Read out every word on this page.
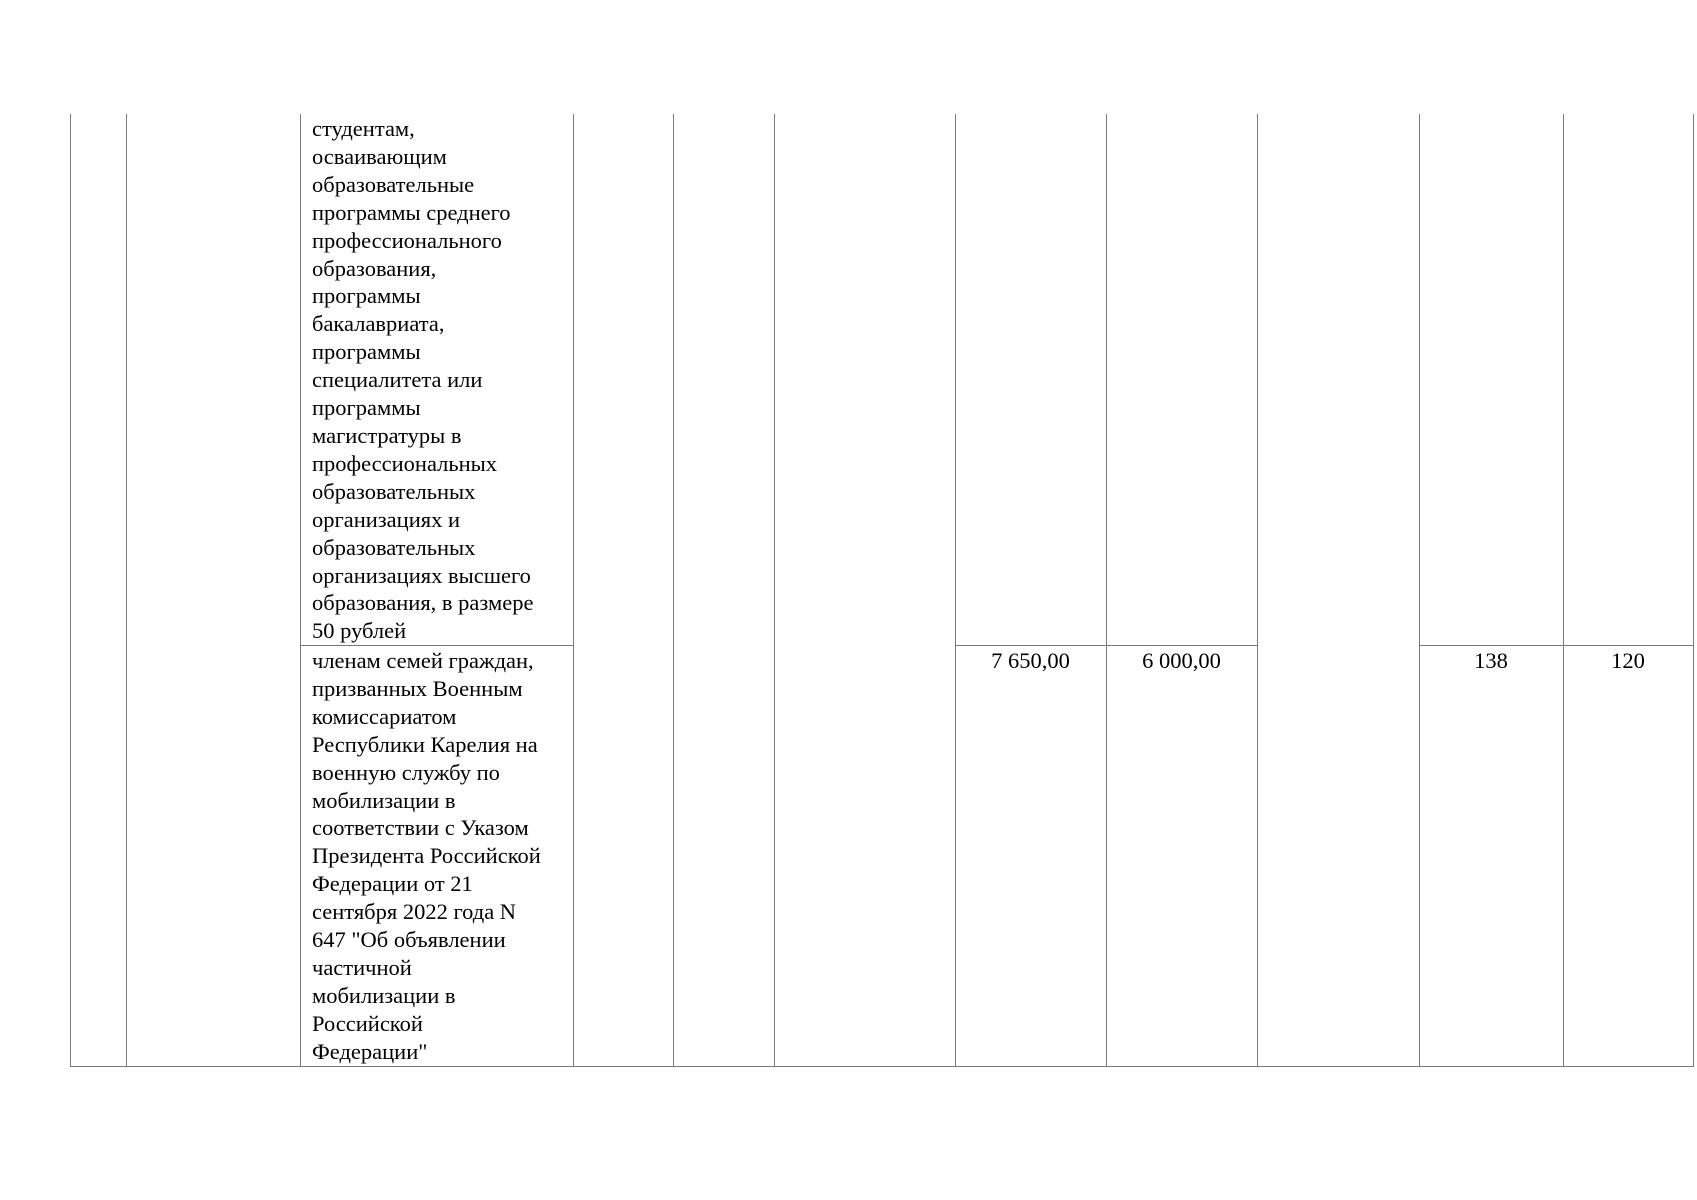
студентам,
осваивающим
образовательные
программы среднего
профессионального
образования,
программы
бакалавриата,
программы
специалитета или
программы
магистратуры в
профессиональных
образовательных
организациях и
образовательных
организациях высшего
образования, в размере
50 рублей
членам семей граждан,
призванных Военным
комиссариатом
Республики Карелия на
военную службу по
мобилизации в
соответствии с Указом
Президента Российской
Федерации от 21
сентября 2022 года N
647 "Об объявлении
частичной
мобилизации в
Российской
Федерации"
7 650,00	6 000,00	138	120
